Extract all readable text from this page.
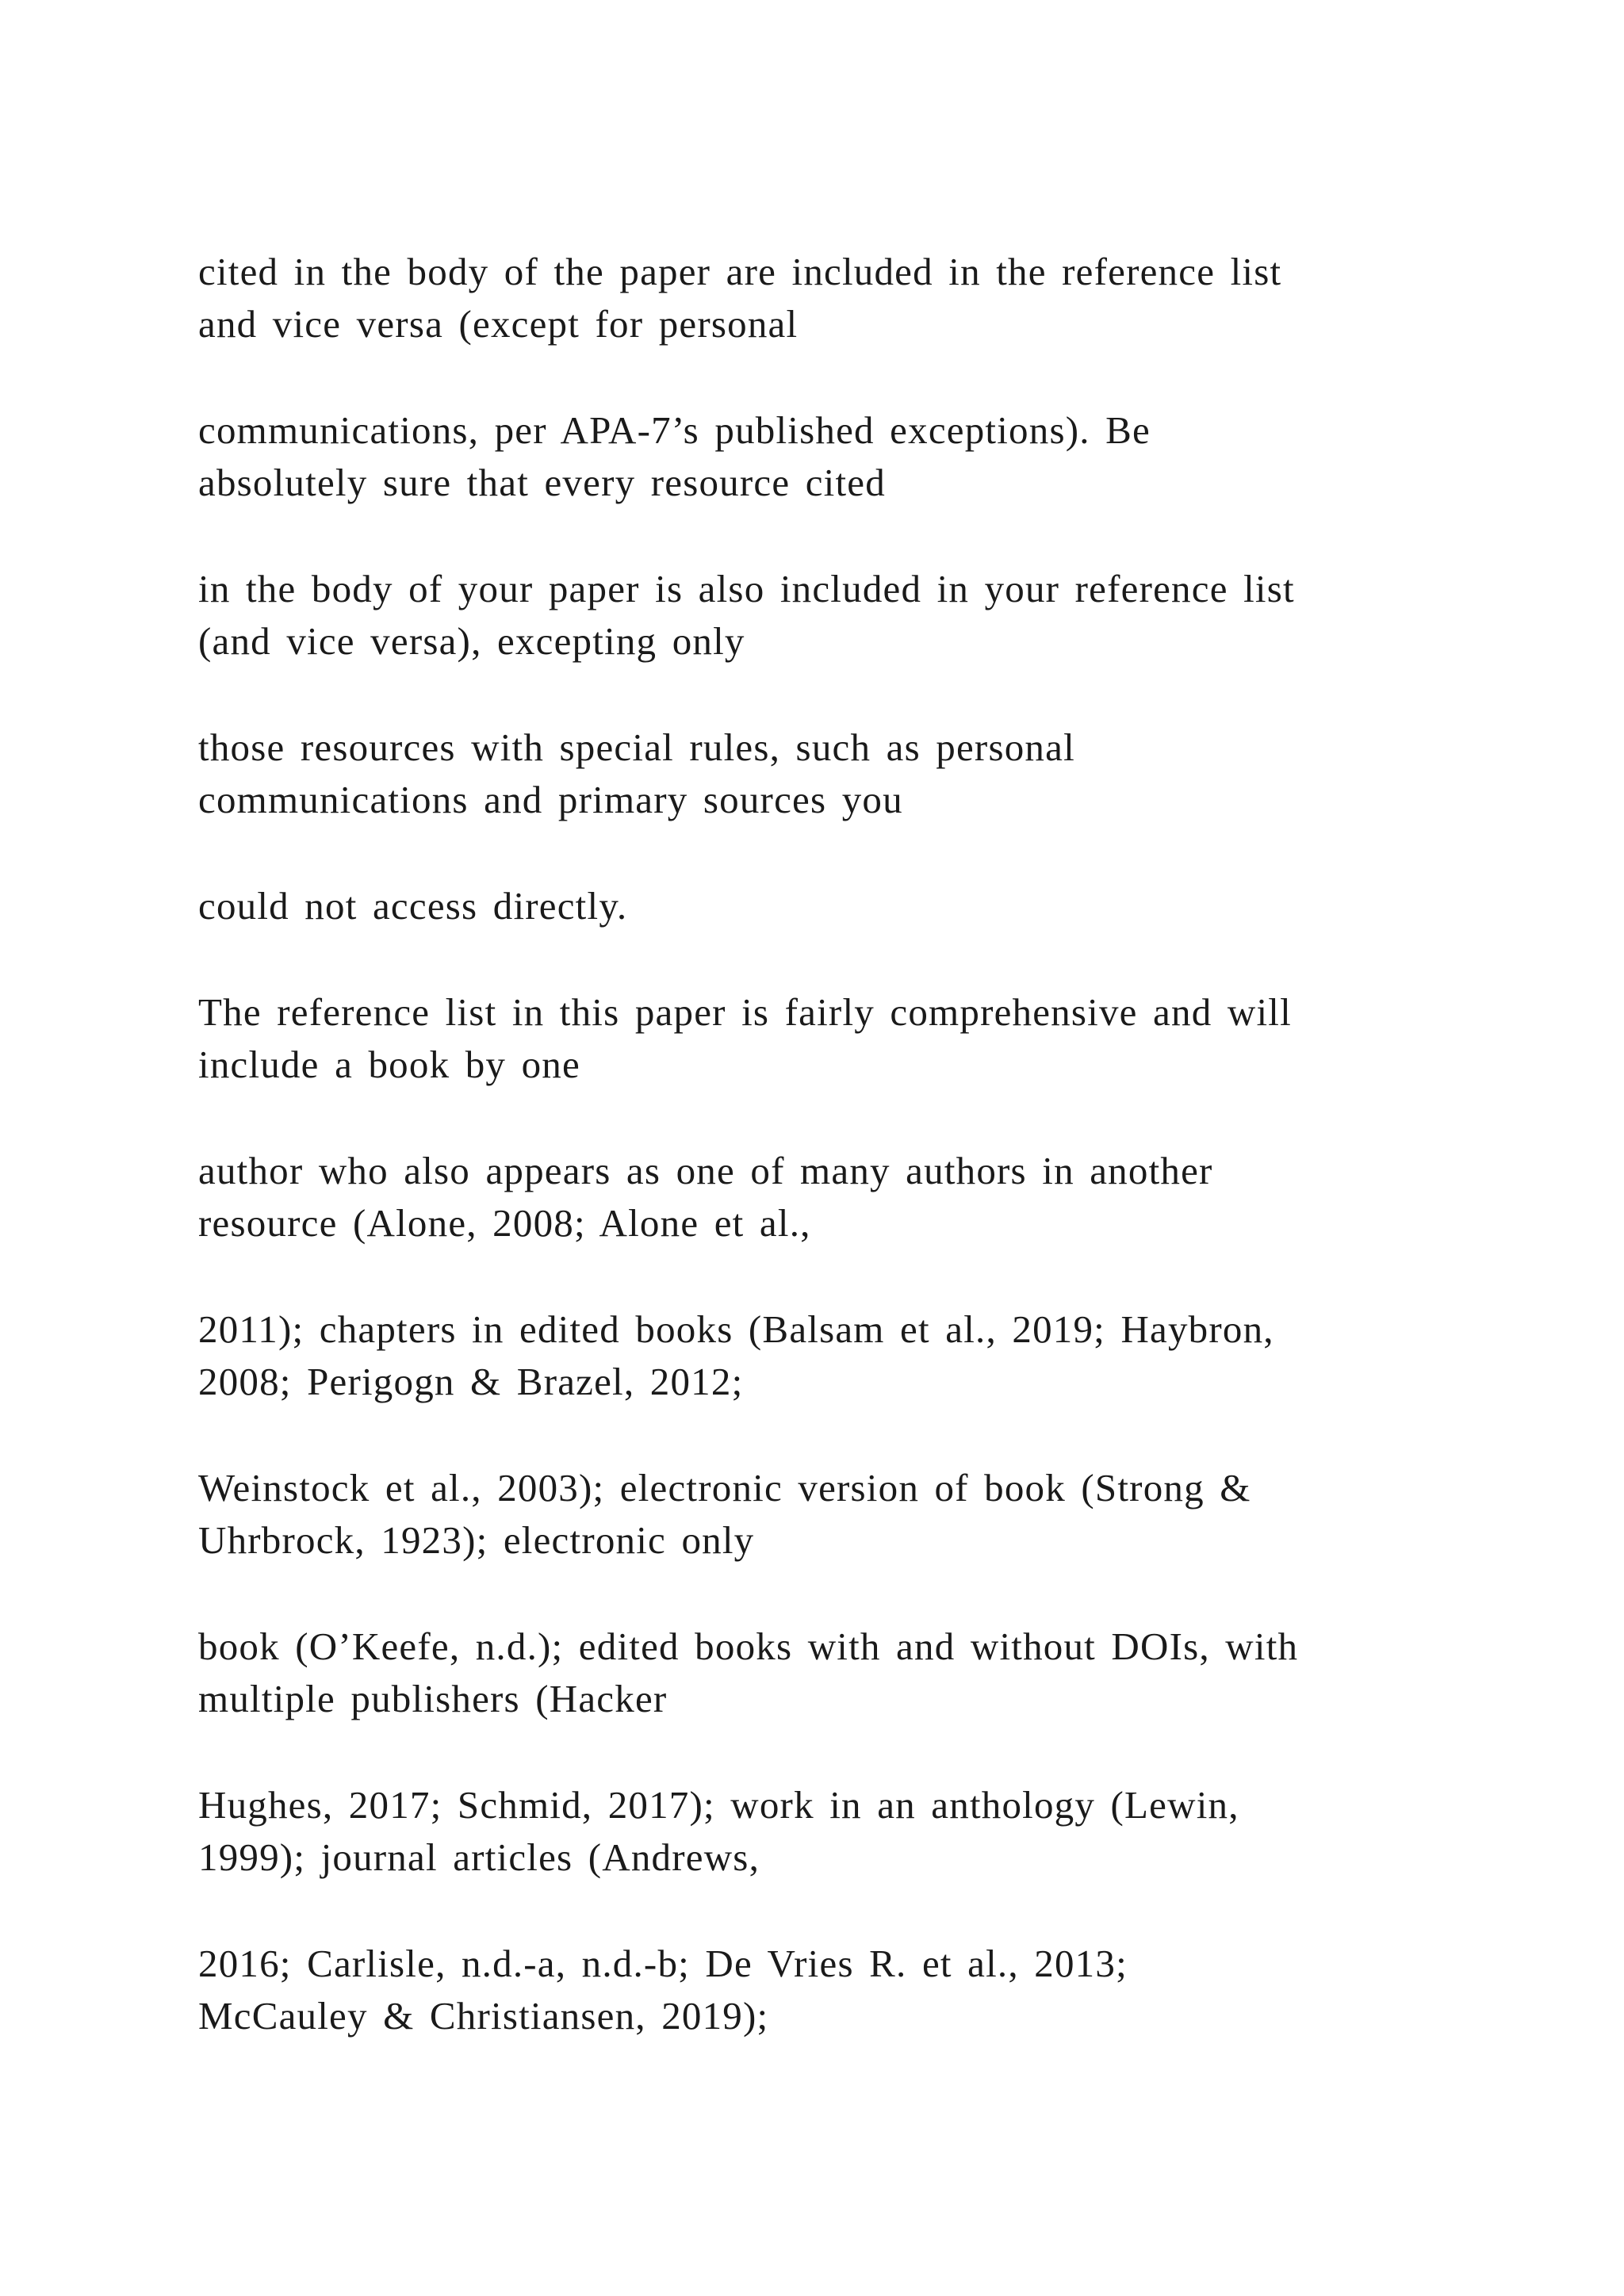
cited in the body of the paper are included in the reference list
and vice versa (except for personal

communications, per APA-7’s published exceptions). Be
absolutely sure that every resource cited

in the body of your paper is also included in your reference list
(and vice versa), excepting only

those resources with special rules, such as personal
communications and primary sources you

could not access directly.

The reference list in this paper is fairly comprehensive and will
include a book by one

author who also appears as one of many authors in another
resource (Alone, 2008; Alone et al.,

2011); chapters in edited books (Balsam et al., 2019; Haybron,
2008; Perigogn & Brazel, 2012;

Weinstock et al., 2003); electronic version of book (Strong &
Uhrbrock, 1923); electronic only

book (O’Keefe, n.d.); edited books with and without DOIs, with
multiple publishers (Hacker

Hughes, 2017; Schmid, 2017); work in an anthology (Lewin,
1999); journal articles (Andrews,

2016; Carlisle, n.d.-a, n.d.-b; De Vries R. et al., 2013;
McCauley & Christiansen, 2019);
